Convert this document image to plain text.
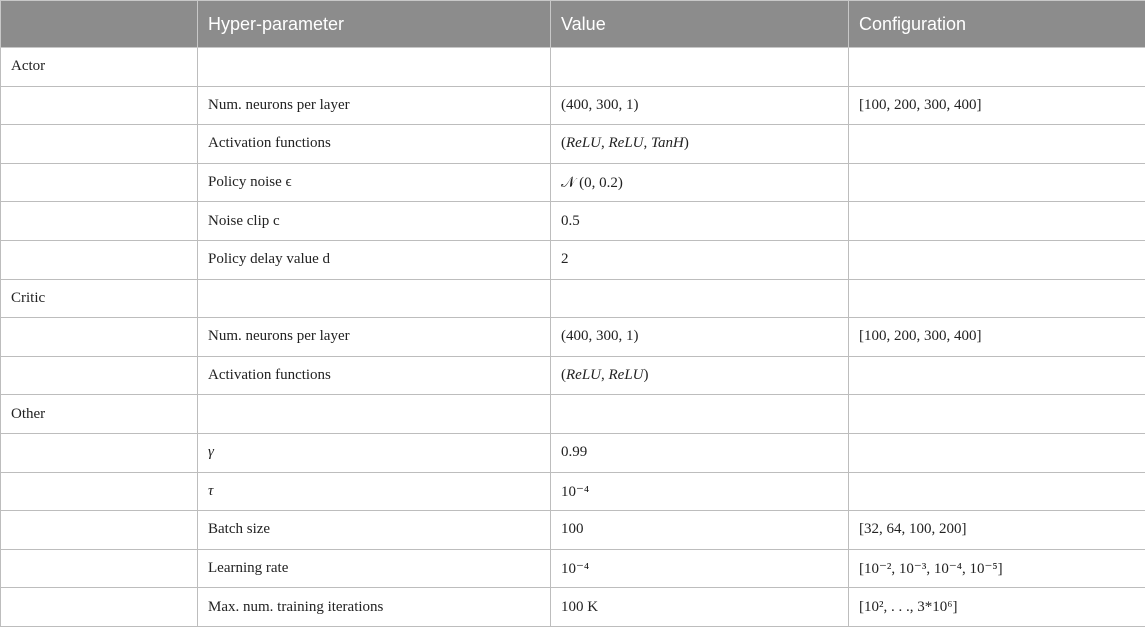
	Hyper-parameter	Value	Configuration
Actor			
	Num. neurons per layer	(400, 300, 1)	[100, 200, 300, 400]
	Activation functions	(ReLU, ReLU, TanH)	
	Policy noise ϵ	𝒩 (0, 0.2)	
	Noise clip c	0.5	
	Policy delay value d	2	
Critic			
	Num. neurons per layer	(400, 300, 1)	[100, 200, 300, 400]
	Activation functions	(ReLU, ReLU)	
Other			
	γ	0.99	
	τ	10⁻⁴	
	Batch size	100	[32, 64, 100, 200]
	Learning rate	10⁻⁴	[10⁻², 10⁻³, 10⁻⁴, 10⁻⁵]
	Max. num. training iterations	100 K	[10², . . ., 3*10⁶]
